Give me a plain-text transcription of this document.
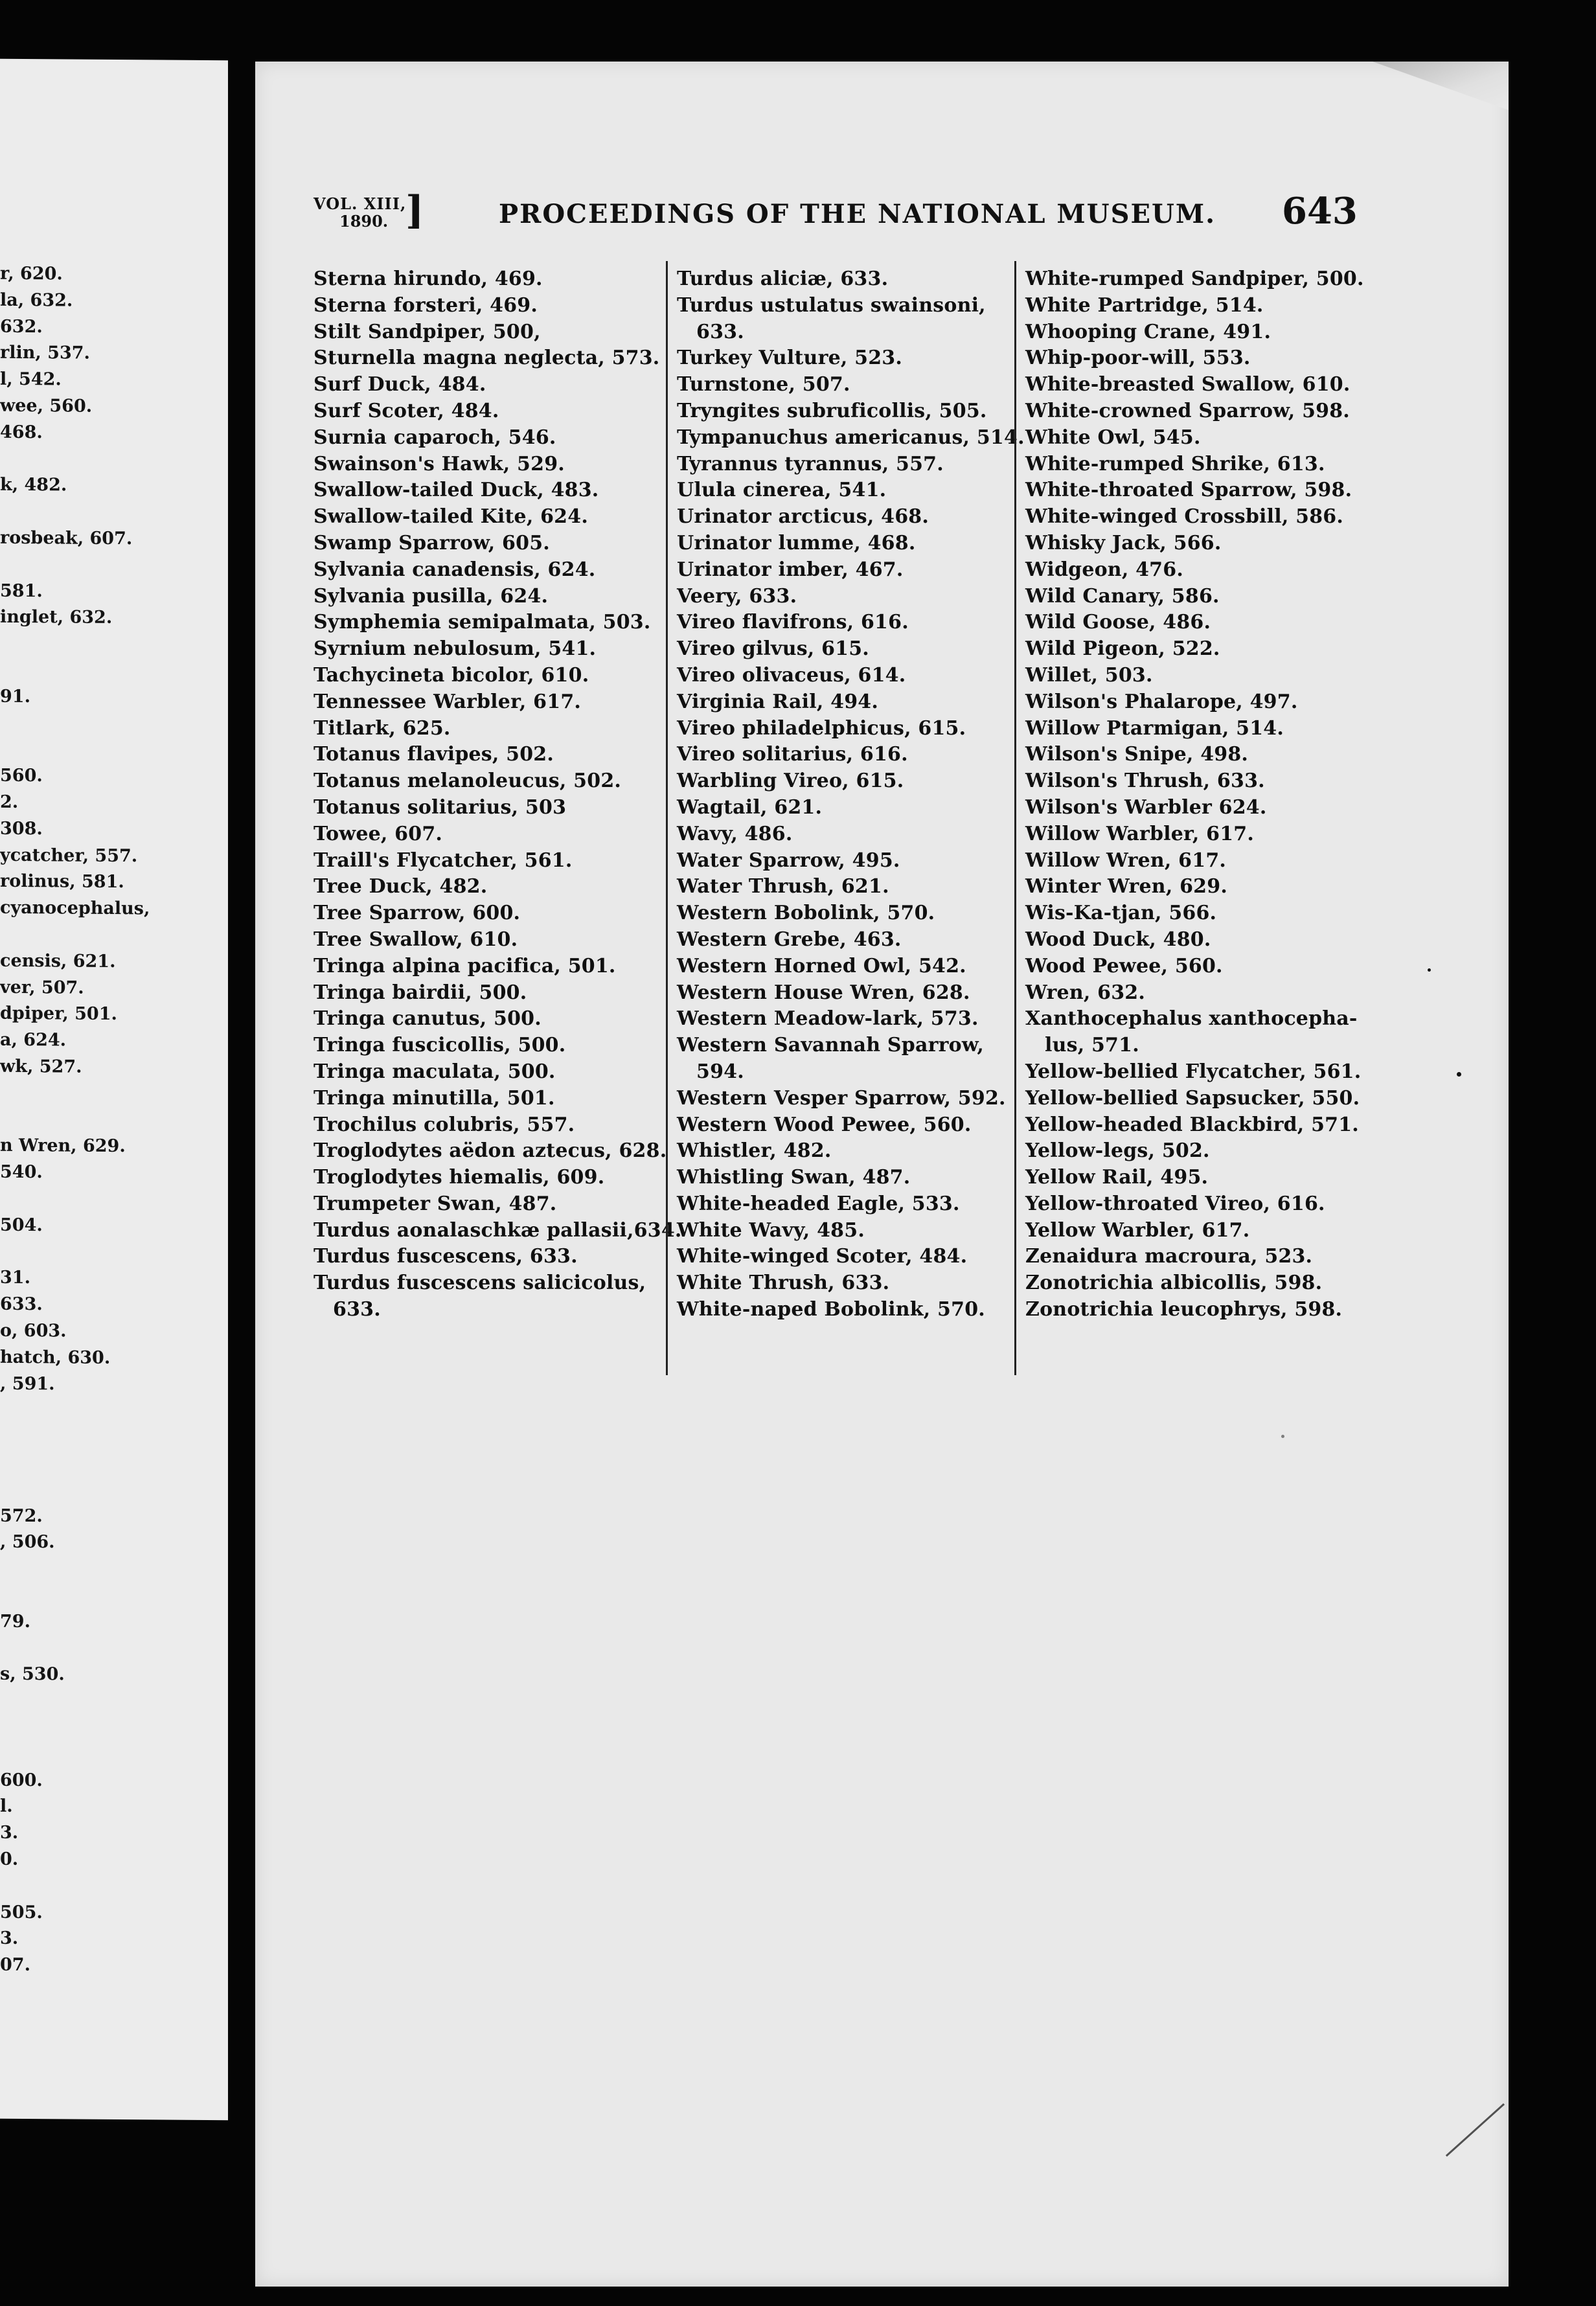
r, 620.
la, 632.
632.
rlin, 537.
l, 542.
wee, 560.
468.
k, 482.
rosbeak, 607.
581.
inglet, 632.
91.
560.
2.
308.
ycatcher, 557.
rolinus, 581.
cyanocephalus,
censis, 621.
ver, 507.
dpiper, 501.
a, 624.
wk, 527.
n Wren, 629.
540.
504.
31.
633.
o, 603.
hatch, 630.
, 591.
572.
, 506.
79.
s, 530.
600.
l.
3.
0.
505.
3.
07.
VOL. XIII,
1890. ]	PROCEEDINGS OF THE NATIONAL MUSEUM. 643
Sterna hirundo, 469.
Sterna forsteri, 469.
Stilt Sandpiper, 500,
Sturnella magna neglecta, 573.
Surf Duck, 484.
Surf Scoter, 484.
Surnia caparoch, 546.
Swainson's Hawk, 529.
Swallow-tailed Duck, 483.
Swallow-tailed Kite, 624.
Swamp Sparrow, 605.
Sylvania canadensis, 624.
Sylvania pusilla, 624.
Symphemia semipalmata, 503.
Syrnium nebulosum, 541.
Tachycineta bicolor, 610.
Tennessee Warbler, 617.
Titlark, 625.
Totanus flavipes, 502.
Totanus melanoleucus, 502.
Totanus solitarius, 503
Towee, 607.
Traill's Flycatcher, 561.
Tree Duck, 482.
Tree Sparrow, 600.
Tree Swallow, 610.
Tringa alpina pacifica, 501.
Tringa bairdii, 500.
Tringa canutus, 500.
Tringa fuscicollis, 500.
Tringa maculata, 500.
Tringa minutilla, 501.
Trochilus colubris, 557.
Troglodytes aëdon aztecus, 628.
Troglodytes hiemalis, 609.
Trumpeter Swan, 487.
Turdus aonalaschkæ pallasii,634.
Turdus fuscescens, 633.
Turdus fuscescens salicicolus,
633.
Turdus aliciæ, 633.
Turdus ustulatus swainsoni,
633.
Turkey Vulture, 523.
Turnstone, 507.
Tryngites subruficollis, 505.
Tympanuchus americanus, 514.
Tyrannus tyrannus, 557.
Ulula cinerea, 541.
Urinator arcticus, 468.
Urinator lumme, 468.
Urinator imber, 467.
Veery, 633.
Vireo flavifrons, 616.
Vireo gilvus, 615.
Vireo olivaceus, 614.
Virginia Rail, 494.
Vireo philadelphicus, 615.
Vireo solitarius, 616.
Warbling Vireo, 615.
Wagtail, 621.
Wavy, 486.
Water Sparrow, 495.
Water Thrush, 621.
Western Bobolink, 570.
Western Grebe, 463.
Western Horned Owl, 542.
Western House Wren, 628.
Western Meadow-lark, 573.
Western Savannah Sparrow,
594.
Western Vesper Sparrow, 592.
Western Wood Pewee, 560.
Whistler, 482.
Whistling Swan, 487.
White-headed Eagle, 533.
White Wavy, 485.
White-winged Scoter, 484.
White Thrush, 633.
White-naped Bobolink, 570.
White-rumped Sandpiper, 500.
White Partridge, 514.
Whooping Crane, 491.
Whip-poor-will, 553.
White-breasted Swallow, 610.
White-crowned Sparrow, 598.
White Owl, 545.
White-rumped Shrike, 613.
White-throated Sparrow, 598.
White-winged Crossbill, 586.
Whisky Jack, 566.
Widgeon, 476.
Wild Canary, 586.
Wild Goose, 486.
Wild Pigeon, 522.
Willet, 503.
Wilson's Phalarope, 497.
Willow Ptarmigan, 514.
Wilson's Snipe, 498.
Wilson's Thrush, 633.
Wilson's Warbler 624.
Willow Warbler, 617.
Willow Wren, 617.
Winter Wren, 629.
Wis-Ka-tjan, 566.
Wood Duck, 480.
Wood Pewee, 560.
Wren, 632.
Xanthocephalus xanthocepha-
lus, 571.
Yellow-bellied Flycatcher, 561.
Yellow-bellied Sapsucker, 550.
Yellow-headed Blackbird, 571.
Yellow-legs, 502.
Yellow Rail, 495.
Yellow-throated Vireo, 616.
Yellow Warbler, 617.
Zenaidura macroura, 523.
Zonotrichia albicollis, 598.
Zonotrichia leucophrys, 598.
